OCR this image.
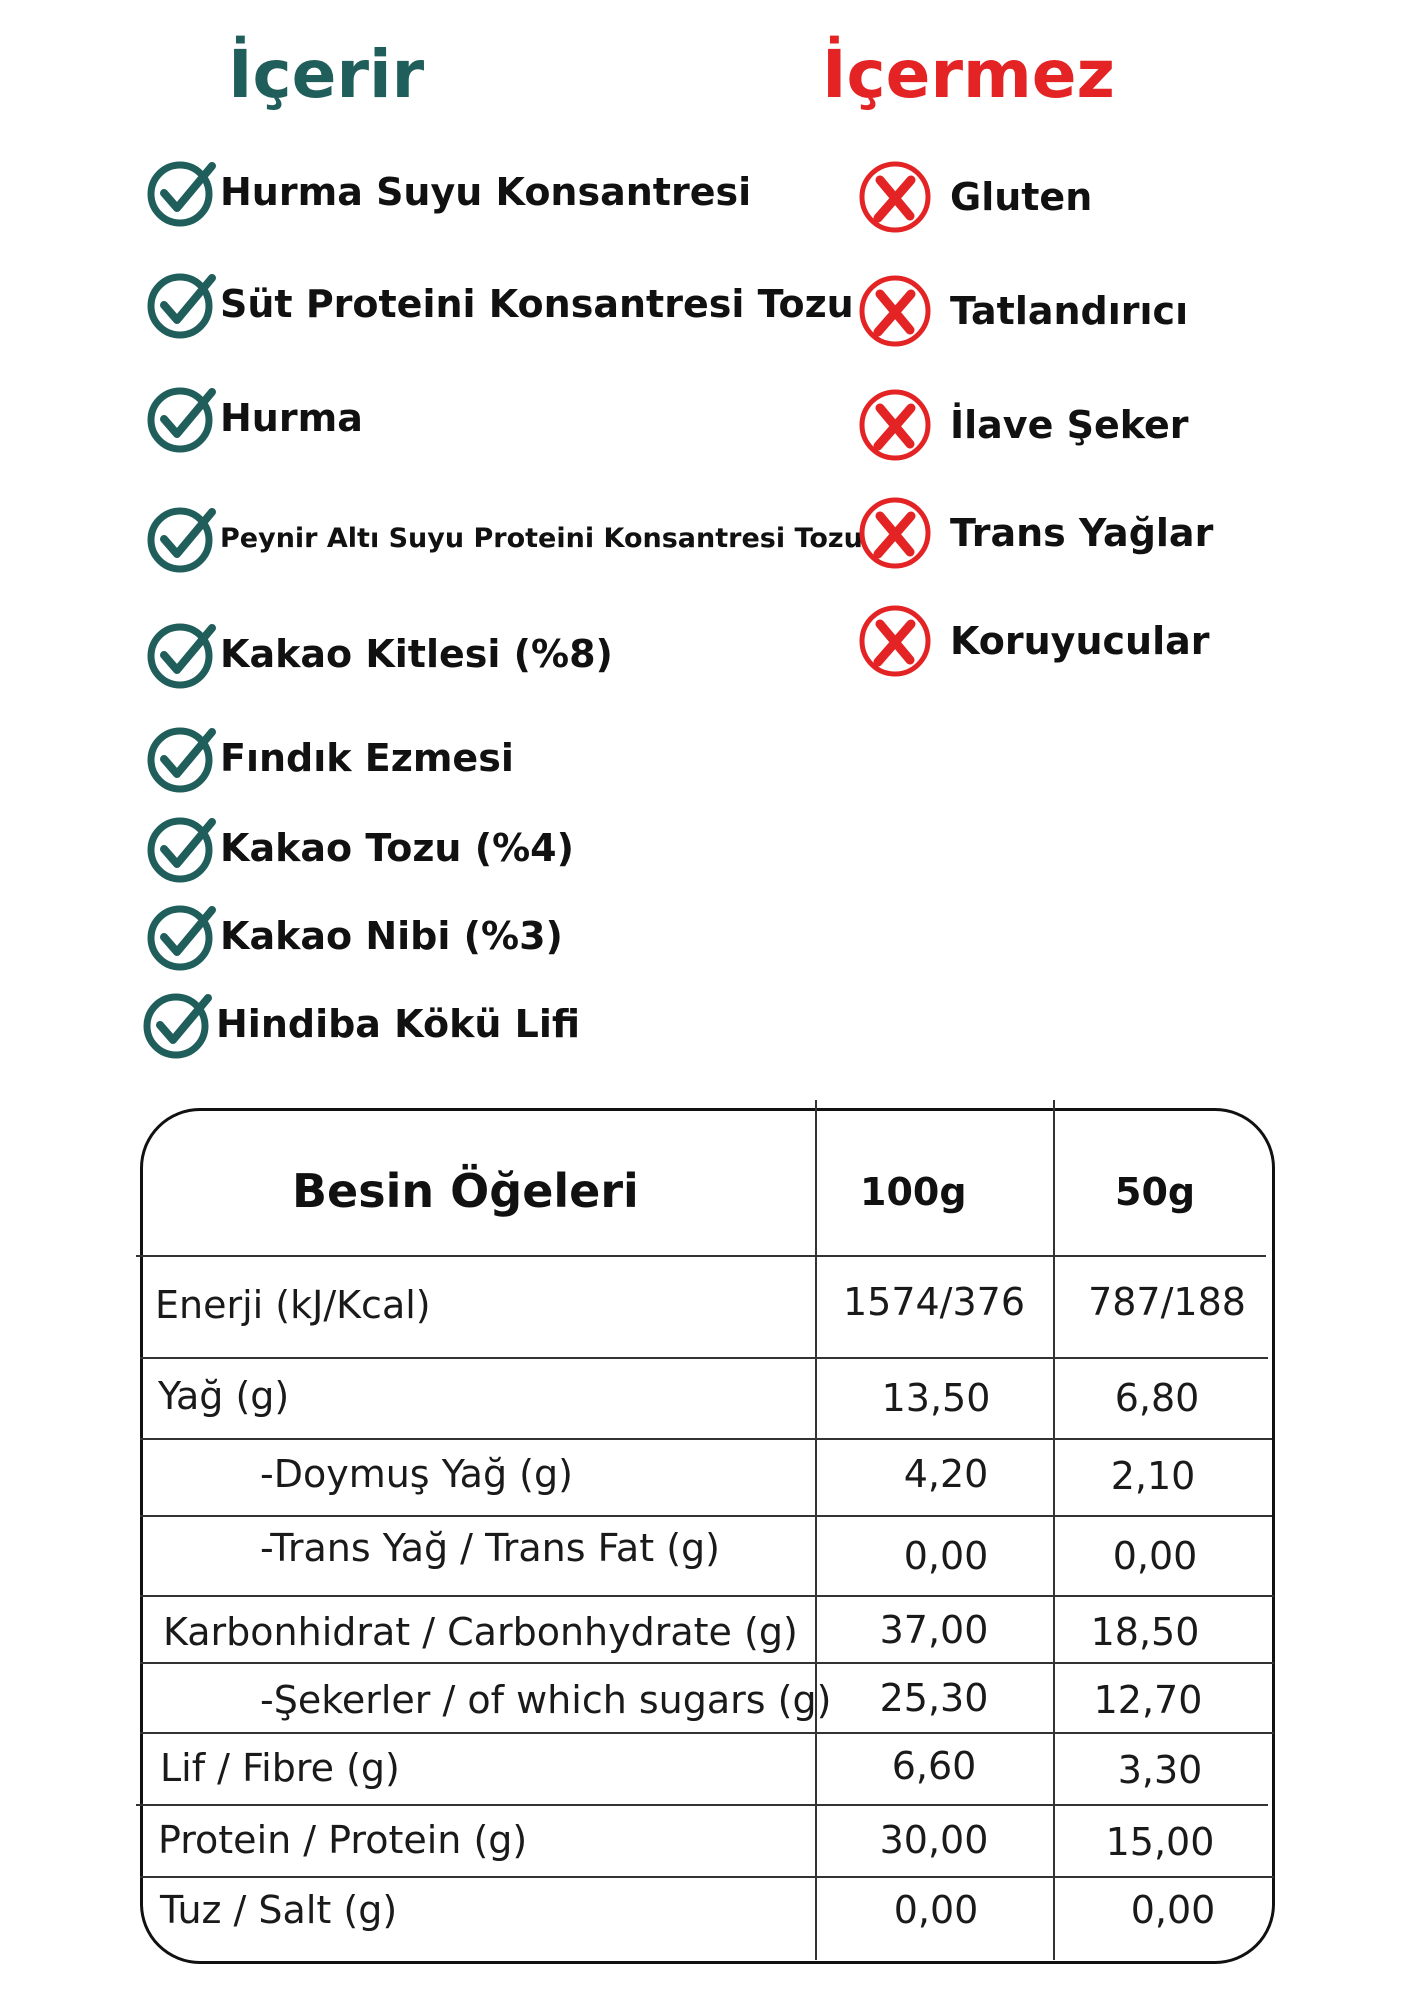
İçerir	İçermez
Hurma Suyu Konsantresi
Süt Proteini Konsantresi Tozu
Hurma
Peynir Altı Suyu Proteini Konsantresi Tozu
Kakao Kitlesi (%8)
Fındık Ezmesi
Kakao Tozu (%4)
Kakao Nibi (%3)
Hindiba Kökü Lifi
Gluten
Tatlandırıcı
İlave Şeker
Trans Yağlar
Koruyucular
Besin Öğeleri	100g	50g
Enerji (kJ/Kcal)	1574/376	787/188
Yağ (g)	13,50	6,80
-Doymuş Yağ (g)	4,20	2,10
-Trans Yağ / Trans Fat (g)	0,00	0,00
Karbonhidrat / Carbonhydrate (g)	37,00	18,50
-Şekerler / of which sugars (g)	25,30	12,70
Lif / Fibre (g)	6,60	3,30
Protein / Protein (g)	30,00	15,00
Tuz / Salt (g)	0,00	0,00
